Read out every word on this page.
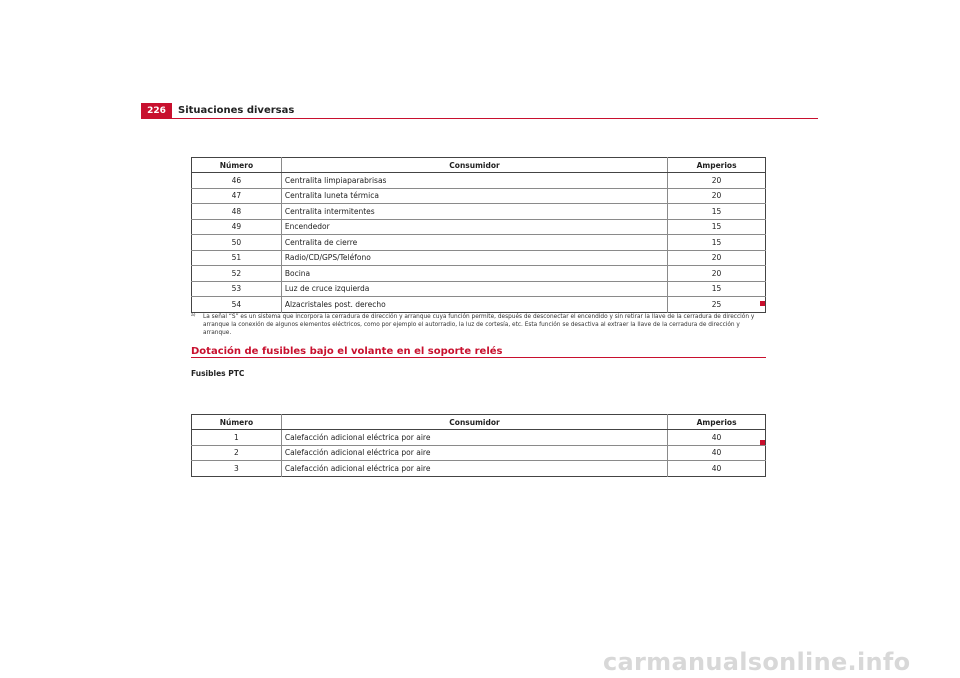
226	Situaciones diversas
Número	Consumidor	Amperios
46	Centralita limpiaparabrisas	20
47	Centralita luneta térmica	20
48	Centralita intermitentes	15
49	Encendedor	15
50	Centralita de cierre	15
51	Radio/CD/GPS/Teléfono	20
52	Bocina	20
53	Luz de cruce izquierda	15
54	Alzacristales post. derecho	25
a)	La señal “S” es un sistema que incorpora la cerradura de dirección y arranque cuya función permite, después de desconectar el encendido y sin retirar la llave de la cerradura de dirección y arranque la conexión de algunos elementos eléctricos, como por ejemplo el autorradio, la luz de cortesía, etc. Esta función se desactiva al extraer la llave de la cerradura de dirección y arranque.
Dotación de fusibles bajo el volante en el soporte relés
Fusibles PTC
Número	Consumidor	Amperios
1	Calefacción adicional eléctrica por aire	40
2	Calefacción adicional eléctrica por aire	40
3	Calefacción adicional eléctrica por aire	40
carmanualsonline.info
